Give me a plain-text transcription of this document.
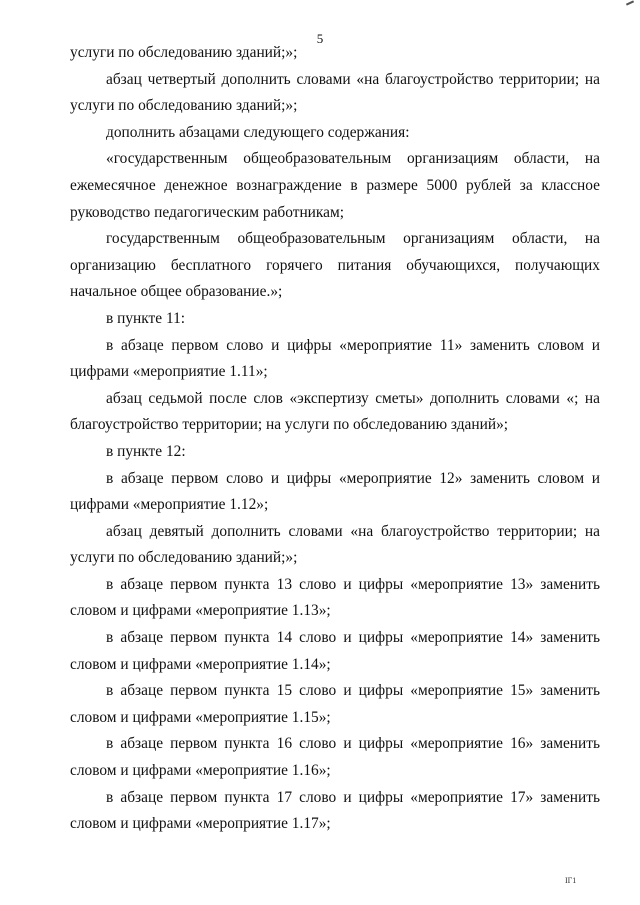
5

услуги по обследованию зданий;»;

абзац четвертый дополнить словами «на благоустройство территории; на услуги по обследованию зданий;»;

дополнить абзацами следующего содержания:

«государственным общеобразовательным организациям области, на ежемесячное денежное вознаграждение в размере 5000 рублей за классное руководство педагогическим работникам;

государственным общеобразовательным организациям области, на организацию бесплатного горячего питания обучающихся, получающих начальное общее образование.»;

в пункте 11:

в абзаце первом слово и цифры «мероприятие 11» заменить словом и цифрами «мероприятие 1.11»;

абзац седьмой после слов «экспертизу сметы» дополнить словами «; на благоустройство территории; на услуги по обследованию зданий»;

в пункте 12:

в абзаце первом слово и цифры «мероприятие 12» заменить словом и цифрами «мероприятие 1.12»;

абзац девятый дополнить словами «на благоустройство территории; на услуги по обследованию зданий;»;

в абзаце первом пункта 13 слово и цифры «мероприятие 13» заменить словом и цифрами «мероприятие 1.13»;

в абзаце первом пункта 14 слово и цифры «мероприятие 14» заменить словом и цифрами «мероприятие 1.14»;

в абзаце первом пункта 15 слово и цифры «мероприятие 15» заменить словом и цифрами «мероприятие 1.15»;

в абзаце первом пункта 16 слово и цифры «мероприятие 16» заменить словом и цифрами «мероприятие 1.16»;

в абзаце первом пункта 17 слово и цифры «мероприятие 17» заменить словом и цифрами «мероприятие 1.17»;

IГ1
